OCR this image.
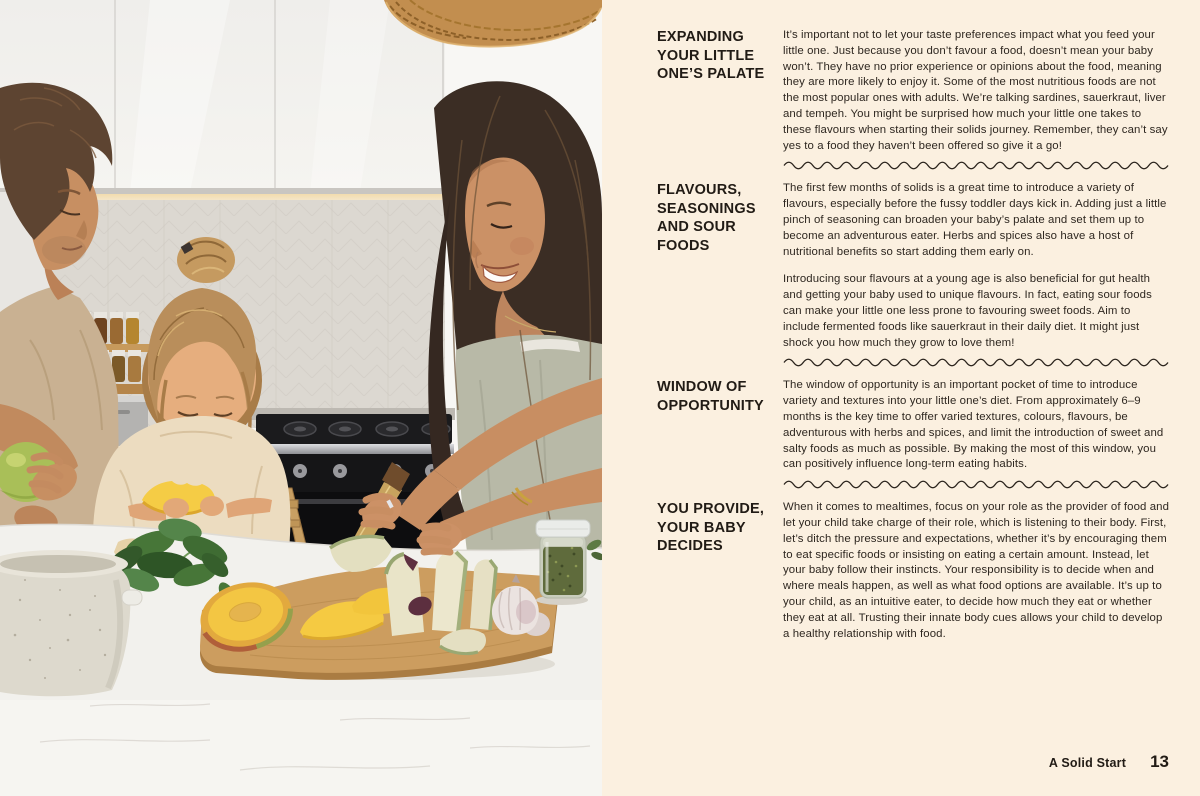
EXPANDING YOUR LITTLE ONE’S PALATE

It’s important not to let your taste preferences impact what you feed your little one. Just because you don’t favour a food, doesn’t mean your baby won’t. They have no prior experience or opinions about the food, meaning they are more likely to enjoy it. Some of the most nutritious foods are not the most popular ones with adults. We’re talking sardines, sauerkraut, liver and tempeh. You might be surprised how much your little one takes to these flavours when starting their solids journey. Remember, they can’t say yes to a food they haven’t been offered so give it a go!

FLAVOURS, SEASONINGS AND SOUR FOODS

The first few months of solids is a great time to introduce a variety of flavours, especially before the fussy toddler days kick in. Adding just a little pinch of seasoning can broaden your baby’s palate and set them up to become an adventurous eater. Herbs and spices also have a host of nutritional benefits so start adding them early on.

Introducing sour flavours at a young age is also beneficial for gut health and getting your baby used to unique flavours. In fact, eating sour foods can make your little one less prone to favouring sweet foods. Aim to include fermented foods like sauerkraut in their daily diet. It might just shock you how much they grow to love them!

WINDOW OF OPPORTUNITY

The window of opportunity is an important pocket of time to introduce variety and textures into your little one’s diet. From approximately 6–9 months is the key time to offer varied textures, colours, flavours, be adventurous with herbs and spices, and limit the introduction of sweet and salty foods as much as possible. By making the most of this window, you can positively influence long-term eating habits.

YOU PROVIDE, YOUR BABY DECIDES

When it comes to mealtimes, focus on your role as the provider of food and let your child take charge of their role, which is listening to their body. First, let’s ditch the pressure and expectations, whether it’s by encouraging them to eat specific foods or insisting on eating a certain amount. Instead, let your baby follow their instincts. Your responsibility is to decide when and where meals happen, as well as what food options are available. It’s up to your child, as an intuitive eater, to decide how much they eat or whether they eat at all. Trusting their innate body cues allows your child to develop a healthy relationship with food.

A Solid Start 13
